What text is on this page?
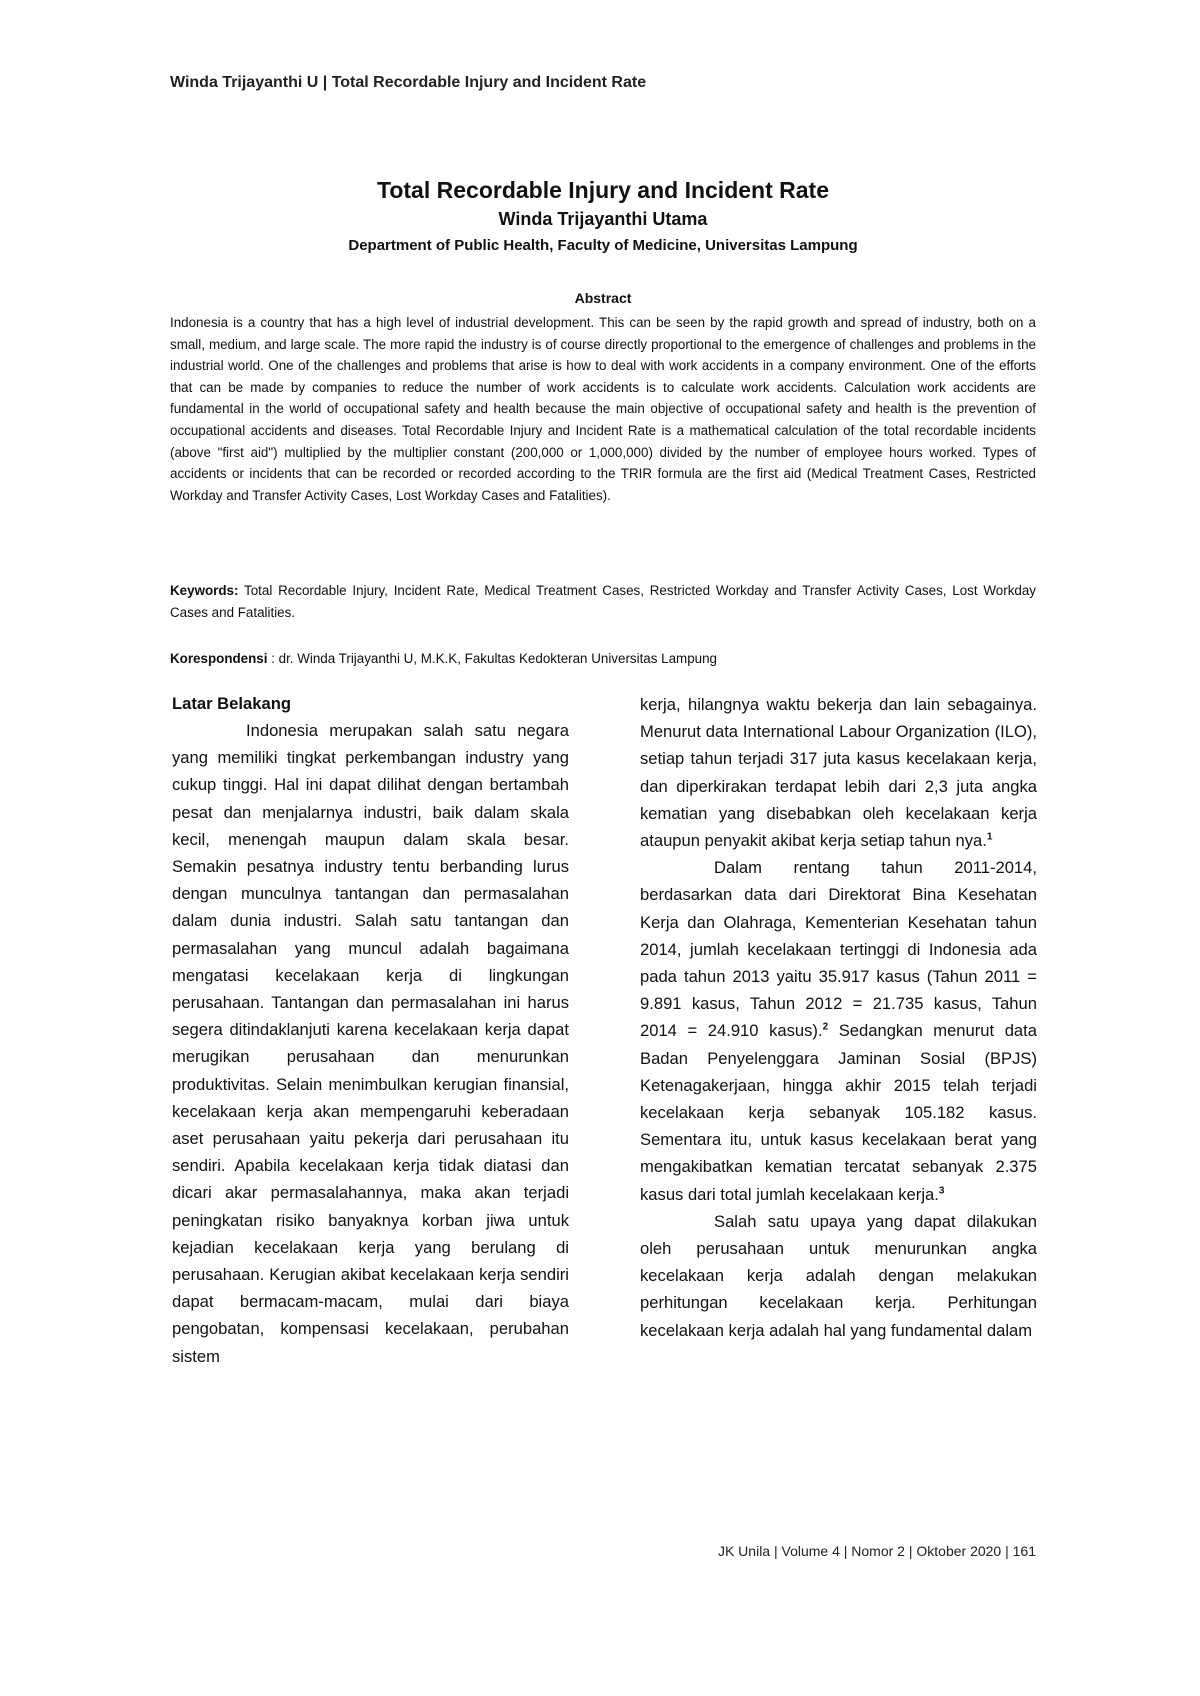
Winda Trijayanthi U | Total Recordable Injury and Incident Rate
Total Recordable Injury and Incident Rate
Winda Trijayanthi Utama
Department of Public Health, Faculty of Medicine, Universitas Lampung
Abstract
Indonesia is a country that has a high level of industrial development. This can be seen by the rapid growth and spread of industry, both on a small, medium, and large scale. The more rapid the industry is of course directly proportional to the emergence of challenges and problems in the industrial world. One of the challenges and problems that arise is how to deal with work accidents in a company environment. One of the efforts that can be made by companies to reduce the number of work accidents is to calculate work accidents. Calculation work accidents are fundamental in the world of occupational safety and health because the main objective of occupational safety and health is the prevention of occupational accidents and diseases. Total Recordable Injury and Incident Rate is a mathematical calculation of the total recordable incidents (above "first aid") multiplied by the multiplier constant (200,000 or 1,000,000) divided by the number of employee hours worked. Types of accidents or incidents that can be recorded or recorded according to the TRIR formula are the first aid (Medical Treatment Cases, Restricted Workday and Transfer Activity Cases, Lost Workday Cases and Fatalities).
Keywords: Total Recordable Injury, Incident Rate, Medical Treatment Cases, Restricted Workday and Transfer Activity Cases, Lost Workday Cases and Fatalities.
Korespondensi : dr. Winda Trijayanthi U, M.K.K, Fakultas Kedokteran Universitas Lampung
Latar Belakang

Indonesia merupakan salah satu negara yang memiliki tingkat perkembangan industry yang cukup tinggi. Hal ini dapat dilihat dengan bertambah pesat dan menjalarnya industri, baik dalam skala kecil, menengah maupun dalam skala besar. Semakin pesatnya industry tentu berbanding lurus dengan munculnya tantangan dan permasalahan dalam dunia industri. Salah satu tantangan dan permasalahan yang muncul adalah bagaimana mengatasi kecelakaan kerja di lingkungan perusahaan. Tantangan dan permasalahan ini harus segera ditindaklanjuti karena kecelakaan kerja dapat merugikan perusahaan dan menurunkan produktivitas. Selain menimbulkan kerugian finansial, kecelakaan kerja akan mempengaruhi keberadaan aset perusahaan yaitu pekerja dari perusahaan itu sendiri. Apabila kecelakaan kerja tidak diatasi dan dicari akar permasalahannya, maka akan terjadi peningkatan risiko banyaknya korban jiwa untuk kejadian kecelakaan kerja yang berulang di perusahaan. Kerugian akibat kecelakaan kerja sendiri dapat bermacam-macam, mulai dari biaya pengobatan, kompensasi kecelakaan, perubahan sistem

kerja, hilangnya waktu bekerja dan lain sebagainya. Menurut data International Labour Organization (ILO), setiap tahun terjadi 317 juta kasus kecelakaan kerja, dan diperkirakan terdapat lebih dari 2,3 juta angka kematian yang disebabkan oleh kecelakaan kerja ataupun penyakit akibat kerja setiap tahun nya.$^1$

Dalam rentang tahun 2011-2014, berdasarkan data dari Direktorat Bina Kesehatan Kerja dan Olahraga, Kementerian Kesehatan tahun 2014, jumlah kecelakaan tertinggi di Indonesia ada pada tahun 2013 yaitu 35.917 kasus (Tahun 2011 = 9.891 kasus, Tahun 2012 = 21.735 kasus, Tahun 2014 = 24.910 kasus).$^2$ Sedangkan menurut data Badan Penyelenggara Jaminan Sosial (BPJS) Ketenagakerjaan, hingga akhir 2015 telah terjadi kecelakaan kerja sebanyak 105.182 kasus. Sementara itu, untuk kasus kecelakaan berat yang mengakibatkan kematian tercatat sebanyak 2.375 kasus dari total jumlah kecelakaan kerja.$^3$

Salah satu upaya yang dapat dilakukan oleh perusahaan untuk menurunkan angka kecelakaan kerja adalah dengan melakukan perhitungan kecelakaan kerja. Perhitungan kecelakaan kerja adalah hal yang fundamental dalam

JK Unila | Volume 4 | Nomor 2 | Oktober 2020 | 161
